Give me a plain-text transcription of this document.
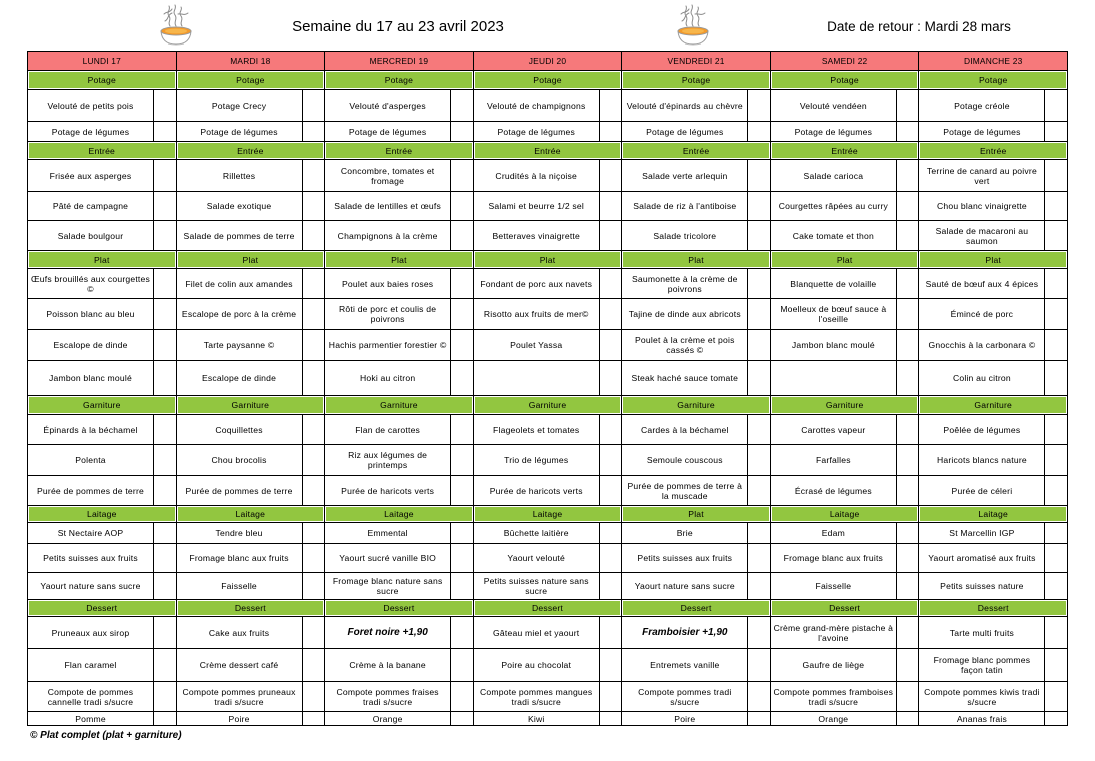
Semaine du 17 au 23 avril 2023	Date de retour : Mardi 28 mars
LUNDI 17		MARDI 18		MERCREDI 19		JEUDI 20		VENDREDI 21		SAMEDI 22		DIMANCHE 23	
Potage		Potage		Potage		Potage		Potage		Potage		Potage	
Velouté de petits pois		Potage Crecy		Velouté d'asperges		Velouté de champignons		Velouté d'épinards au chèvre		Velouté vendéen		Potage créole	
Potage de légumes		Potage de légumes		Potage de légumes		Potage de légumes		Potage de légumes		Potage de légumes		Potage de légumes	
Entrée		Entrée		Entrée		Entrée		Entrée		Entrée		Entrée	
Frisée aux asperges		Rillettes		Concombre, tomates et fromage		Crudités à la niçoise		Salade verte arlequin		Salade carioca		Terrine de canard au poivre vert	
Pâté de campagne		Salade exotique		Salade de lentilles et œufs		Salami et beurre 1/2 sel		Salade de riz à l'antiboise		Courgettes râpées au curry		Chou blanc vinaigrette	
Salade boulgour		Salade de pommes de terre		Champignons à la crème		Betteraves vinaigrette		Salade tricolore		Cake tomate et thon		Salade de macaroni au saumon	
Plat		Plat		Plat		Plat		Plat		Plat		Plat	
Œufs brouillés aux courgettes ©		Filet de colin aux amandes		Poulet aux baies roses		Fondant de porc aux navets		Saumonette à la crème de poivrons		Blanquette de volaille		Sauté de bœuf aux 4 épices	
Poisson blanc au bleu		Escalope de porc à la crème		Rôti de porc et coulis de poivrons		Risotto aux fruits de mer©		Tajine de dinde aux abricots		Moelleux de bœuf sauce à l'oseille		Émincé de porc	
Escalope de dinde		Tarte paysanne ©		Hachis parmentier forestier ©		Poulet Yassa		Poulet à la crème et pois cassés ©		Jambon blanc moulé		Gnocchis à la carbonara ©	
Jambon blanc moulé		Escalope de dinde		Hoki au citron				Steak haché sauce tomate				Colin au citron	
Garniture		Garniture		Garniture		Garniture		Garniture		Garniture		Garniture	
Épinards à la béchamel		Coquillettes		Flan de carottes		Flageolets et tomates		Cardes à la béchamel		Carottes vapeur		Poêlée de légumes	
Polenta		Chou brocolis		Riz aux légumes de printemps		Trio de légumes		Semoule couscous		Farfalles		Haricots blancs nature	
Purée de pommes de terre		Purée de pommes de terre		Purée de haricots verts		Purée de haricots verts		Purée de pommes de terre à la muscade		Écrasé de légumes		Purée de céleri	
Laitage		Laitage		Laitage		Laitage		Plat		Laitage		Laitage	
St Nectaire AOP		Tendre bleu		Emmental		Bûchette laitière		Brie		Edam		St Marcellin IGP	
Petits suisses aux fruits		Fromage blanc aux fruits		Yaourt sucré vanille BIO		Yaourt velouté		Petits suisses aux fruits		Fromage blanc aux fruits		Yaourt aromatisé aux fruits	
Yaourt nature sans sucre		Faisselle		Fromage blanc nature sans sucre		Petits suisses nature sans sucre		Yaourt nature sans sucre		Faisselle		Petits suisses nature	
Dessert		Dessert		Dessert		Dessert		Dessert		Dessert		Dessert	
Pruneaux aux sirop		Cake aux fruits		Foret noire +1,90		Gâteau miel et yaourt		Framboisier +1,90		Crème grand-mère pistache à l'avoine		Tarte multi fruits	
Flan caramel		Crème dessert café		Crème à la banane		Poire au chocolat		Entremets vanille		Gaufre de liège		Fromage blanc pommes façon tatin	
Compote de pommes cannelle tradi s/sucre		Compote pommes pruneaux tradi s/sucre		Compote pommes fraises tradi s/sucre		Compote pommes mangues tradi s/sucre		Compote pommes tradi s/sucre		Compote pommes framboises tradi s/sucre		Compote pommes kiwis tradi s/sucre	
Pomme		Poire		Orange		Kiwi		Poire		Orange		Ananas frais	
© Plat complet (plat + garniture)
